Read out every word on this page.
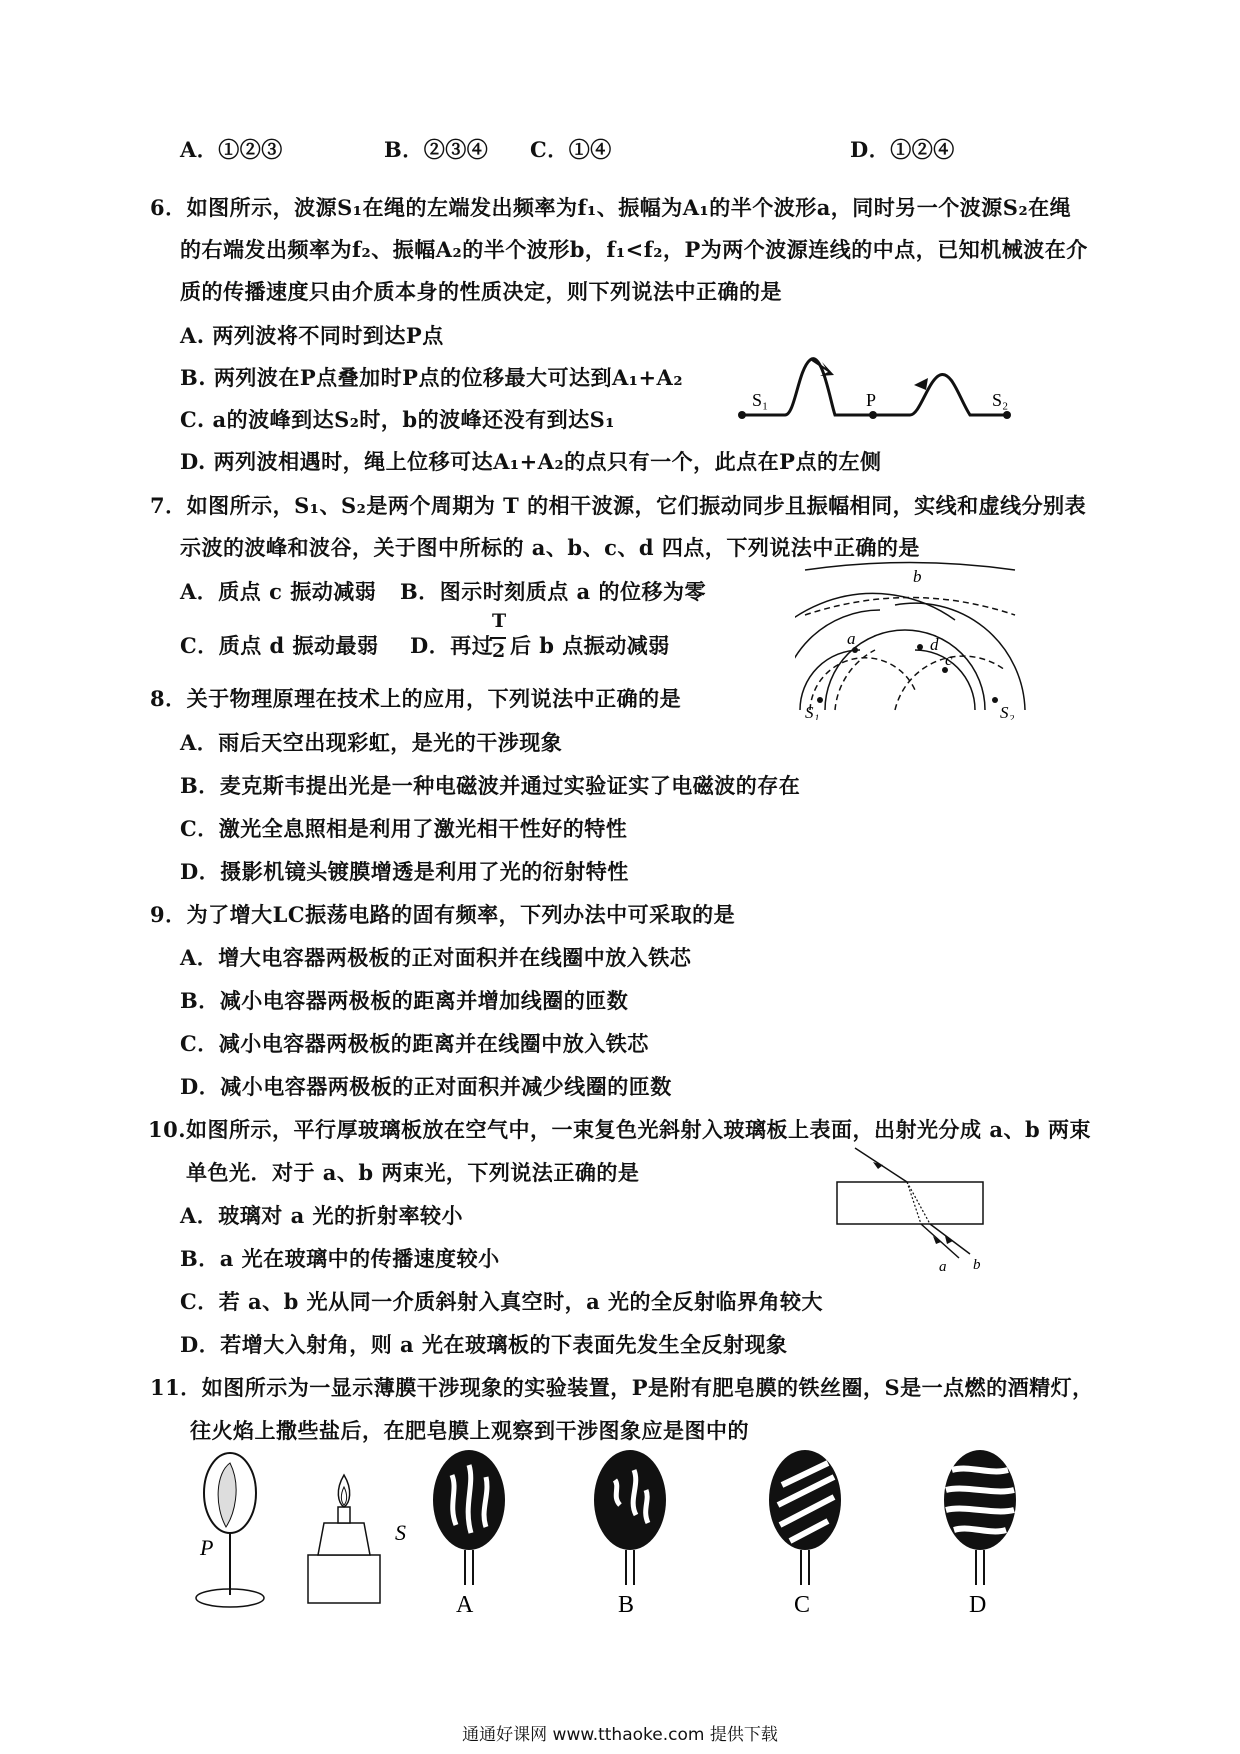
A．①②③	B．②③④ C．①④	D．①②④
6．如图所示，波源S₁在绳的左端发出频率为f₁、振幅为A₁的半个波形a，同时另一个波源S₂在绳
的右端发出频率为f₂、振幅A₂的半个波形b，f₁<f₂，P为两个波源连线的中点，已知机械波在介
质的传播速度只由介质本身的性质决定，则下列说法中正确的是
A. 两列波将不同时到达P点
B. 两列波在P点叠加时P点的位移最大可达到A₁+A₂
C. a的波峰到达S₂时，b的波峰还没有到达S₁
D. 两列波相遇时，绳上位移可达A₁+A₂的点只有一个，此点在P点的左侧
S₁	P	S₂
7．如图所示，S₁、S₂是两个周期为 T 的相干波源，它们振动同步且振幅相同，实线和虚线分别表
示波的波峰和波谷，关于图中所标的 a、b、c、d 四点，下列说法中正确的是
A．质点 c 振动减弱 B．图示时刻质点 a 的位移为零
C．质点 d 振动最弱 D．再过
T
2 后 b 点振动减弱
S₁	S₂
a
b
c
d
8．关于物理原理在技术上的应用，下列说法中正确的是
A．雨后天空出现彩虹，是光的干涉现象
B．麦克斯韦提出光是一种电磁波并通过实验证实了电磁波的存在
C．激光全息照相是利用了激光相干性好的特性
D．摄影机镜头镀膜增透是利用了光的衍射特性
9．为了增大LC振荡电路的固有频率，下列办法中可采取的是
A．增大电容器两极板的正对面积并在线圈中放入铁芯
B．减小电容器两极板的距离并增加线圈的匝数
C．减小电容器两极板的距离并在线圈中放入铁芯
D．减小电容器两极板的正对面积并减少线圈的匝数
10.如图所示，平行厚玻璃板放在空气中，一束复色光斜射入玻璃板上表面，出射光分成 a、b 两束
单色光．对于 a、b 两束光，下列说法正确的是
A．玻璃对 a 光的折射率较小
B．a 光在玻璃中的传播速度较小
C．若 a、b 光从同一介质斜射入真空时，a 光的全反射临界角较大
D．若增大入射角，则 a 光在玻璃板的下表面先发生全反射现象
a b
11．如图所示为一显示薄膜干涉现象的实验装置，P是附有肥皂膜的铁丝圈，S是一点燃的酒精灯，
往火焰上撒些盐后，在肥皂膜上观察到干涉图象应是图中的
P
S
A	B	C	D
通通好课网 www.tthaoke.com 提供下载
